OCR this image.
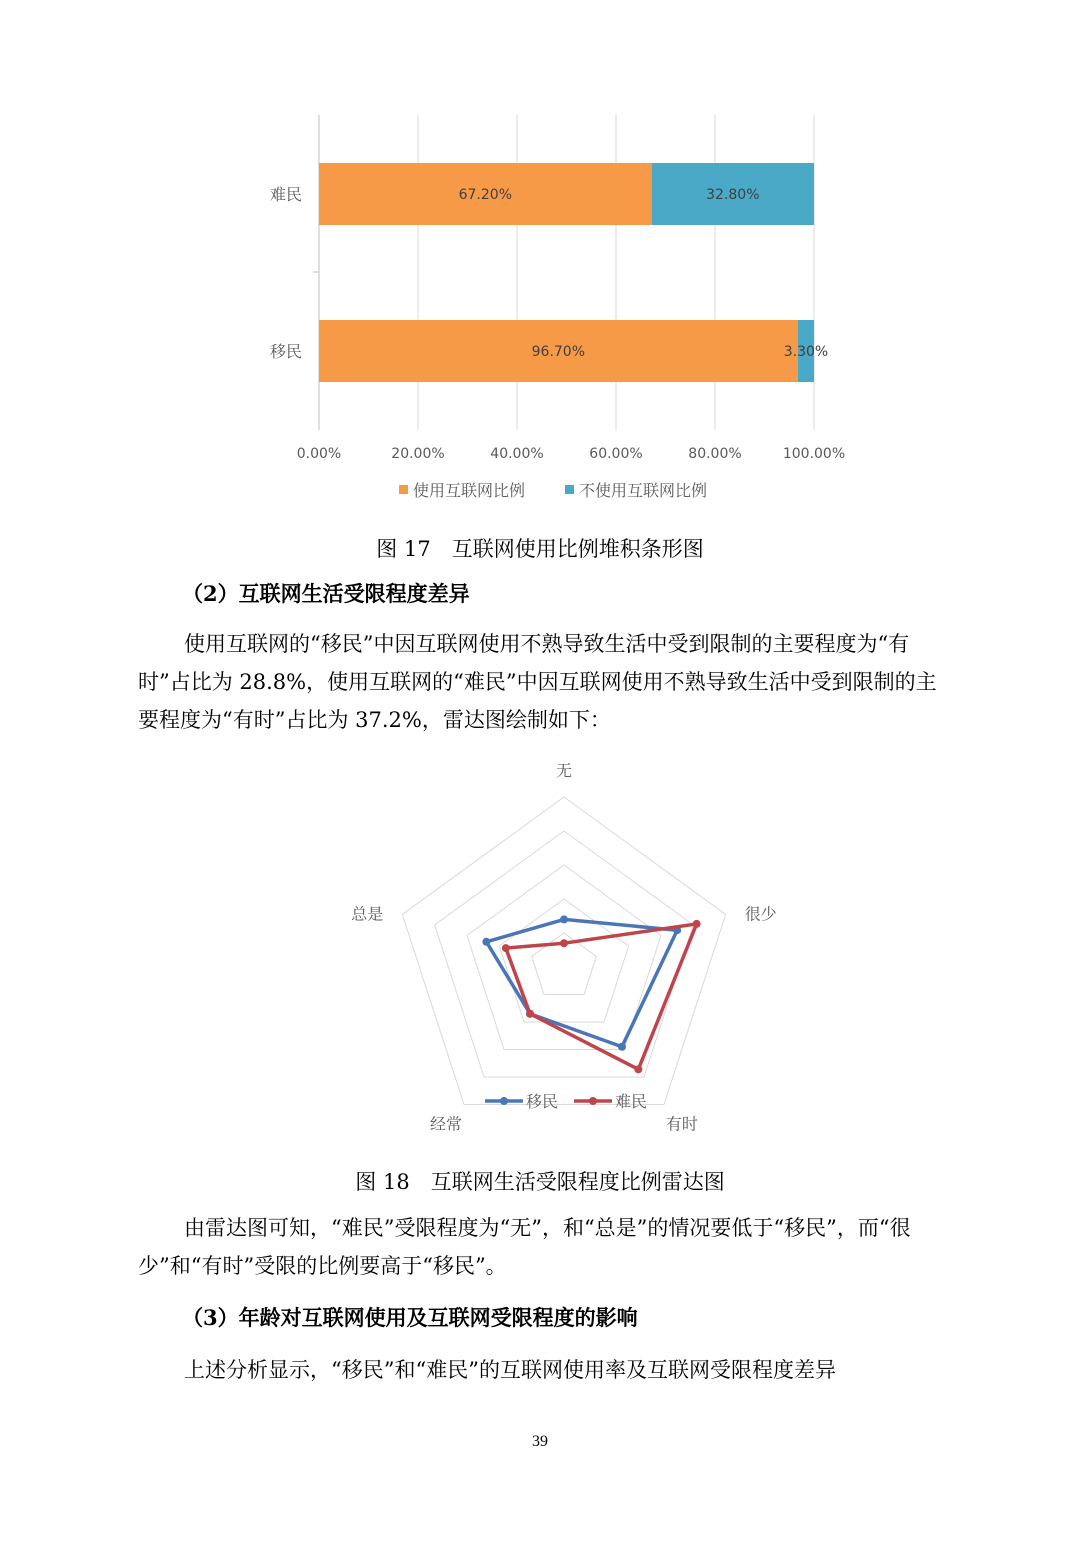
0.00%	20.00%	40.00%	60.00%	80.00%	100.00%
难民	67.20%	32.80%
移民	96.70%	3.30%
使用互联网比例	不使用互联网比例
图 17　互联网使用比例堆积条形图
（2）互联网生活受限程度差异
使用互联网的“移民”中因互联网使用不熟导致生活中受到限制的主要程度为“有时”占比为 28.8%，使用互联网的“难民”中因互联网使用不熟导致生活中受到限制的主要程度为“有时”占比为 37.2%，雷达图绘制如下：
无
很少
有时
经常
总是
移民	难民
图 18　互联网生活受限程度比例雷达图
由雷达图可知，“难民”受限程度为“无”，和“总是”的情况要低于“移民”，而“很少”和“有时”受限的比例要高于“移民”。
（3）年龄对互联网使用及互联网受限程度的影响
上述分析显示，“移民”和“难民”的互联网使用率及互联网受限程度差异
39
